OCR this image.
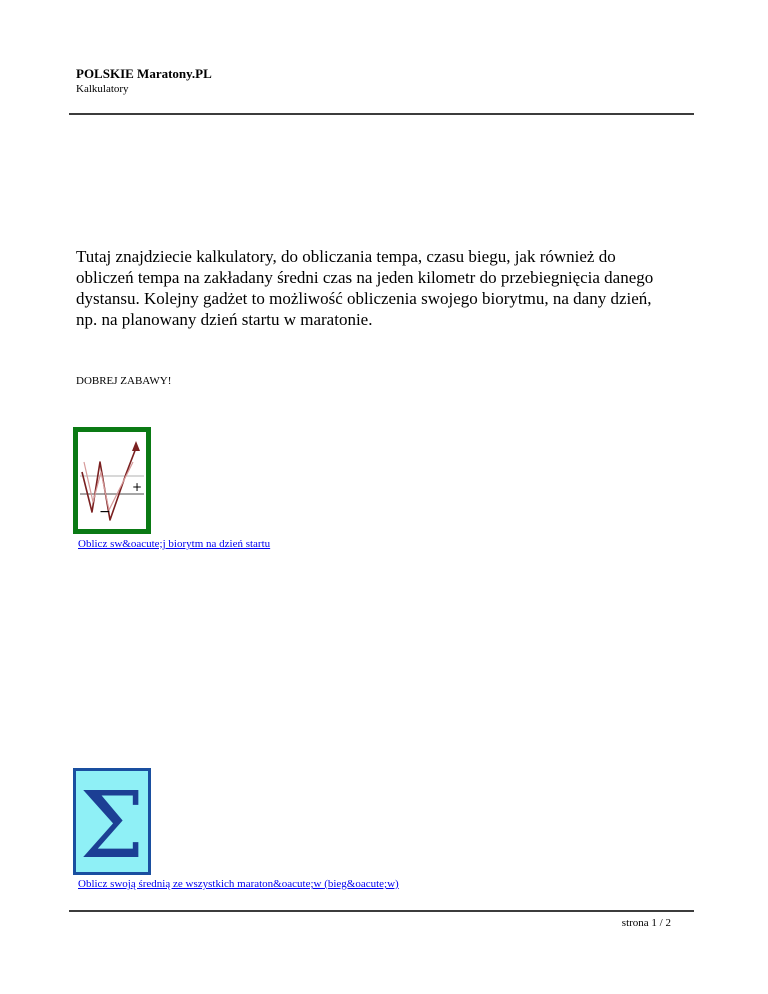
POLSKIE Maratony.PL
Kalkulatory

Tutaj znajdziecie kalkulatory, do obliczania tempa, czasu biegu, jak również do obliczeń tempa na zakładany średni czas na jeden kilometr do przebiegnięcia danego dystansu. Kolejny gadżet to możliwość obliczenia swojego biorytmu, na dany dzień, np. na planowany dzień startu w maratonie.

DOBREJ ZABAWY!
+
−
Oblicz sw&oacute;j biorytm na dzień startu
Σ
Oblicz swoją średnią ze wszystkich maraton&oacute;w (bieg&oacute;w)
strona 1 / 2
